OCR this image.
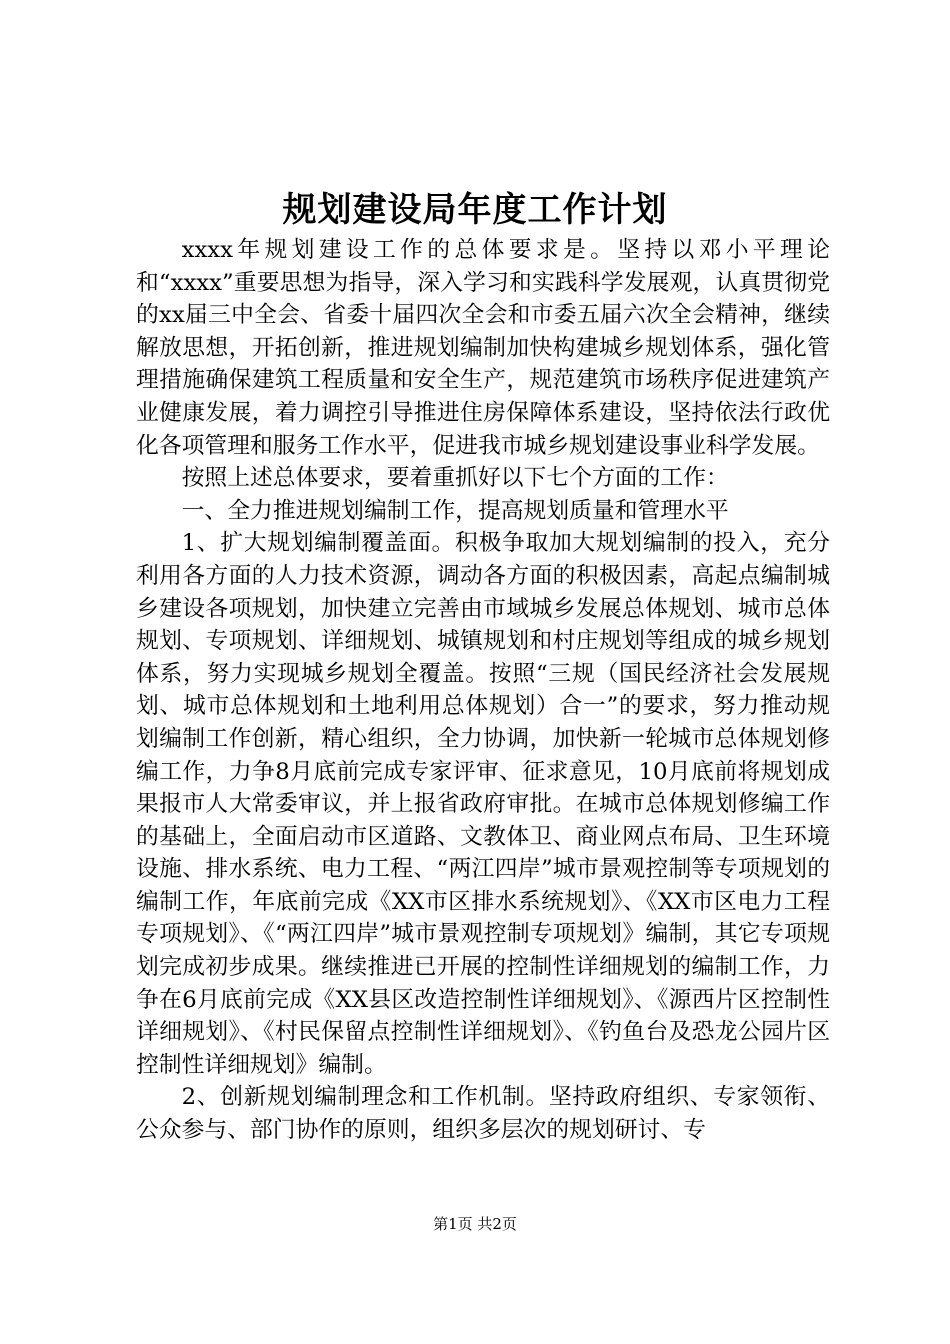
规划建设局年度工作计划

xxxx年规划建设工作的总体要求是。坚持以邓小平理论和“xxxx”重要思想为指导，深入学习和实践科学发展观，认真贯彻党的xx届三中全会、省委十届四次全会和市委五届六次全会精神，继续解放思想，开拓创新，推进规划编制加快构建城乡规划体系，强化管理措施确保建筑工程质量和安全生产，规范建筑市场秩序促进建筑产业健康发展，着力调控引导推进住房保障体系建设，坚持依法行政优化各项管理和服务工作水平，促进我市城乡规划建设事业科学发展。

按照上述总体要求，要着重抓好以下七个方面的工作：

一、全力推进规划编制工作，提高规划质量和管理水平

1、扩大规划编制覆盖面。积极争取加大规划编制的投入，充分利用各方面的人力技术资源，调动各方面的积极因素，高起点编制城乡建设各项规划，加快建立完善由市域城乡发展总体规划、城市总体规划、专项规划、详细规划、城镇规划和村庄规划等组成的城乡规划体系，努力实现城乡规划全覆盖。按照“三规（国民经济社会发展规划、城市总体规划和土地利用总体规划）合一”的要求，努力推动规划编制工作创新，精心组织，全力协调，加快新一轮城市总体规划修编工作，力争8月底前完成专家评审、征求意见，10月底前将规划成果报市人大常委审议，并上报省政府审批。在城市总体规划修编工作的基础上，全面启动市区道路、文教体卫、商业网点布局、卫生环境设施、排水系统、电力工程、“两江四岸”城市景观控制等专项规划的编制工作，年底前完成《XX市区排水系统规划》、《XX市区电力工程专项规划》、《“两江四岸”城市景观控制专项规划》编制，其它专项规划完成初步成果。继续推进已开展的控制性详细规划的编制工作，力争在6月底前完成《XX县区改造控制性详细规划》、《源西片区控制性详细规划》、《村民保留点控制性详细规划》、《钓鱼台及恐龙公园片区控制性详细规划》编制。

2、创新规划编制理念和工作机制。坚持政府组织、专家领衔、公众参与、部门协作的原则，组织多层次的规划研讨、专

第1页 共2页
